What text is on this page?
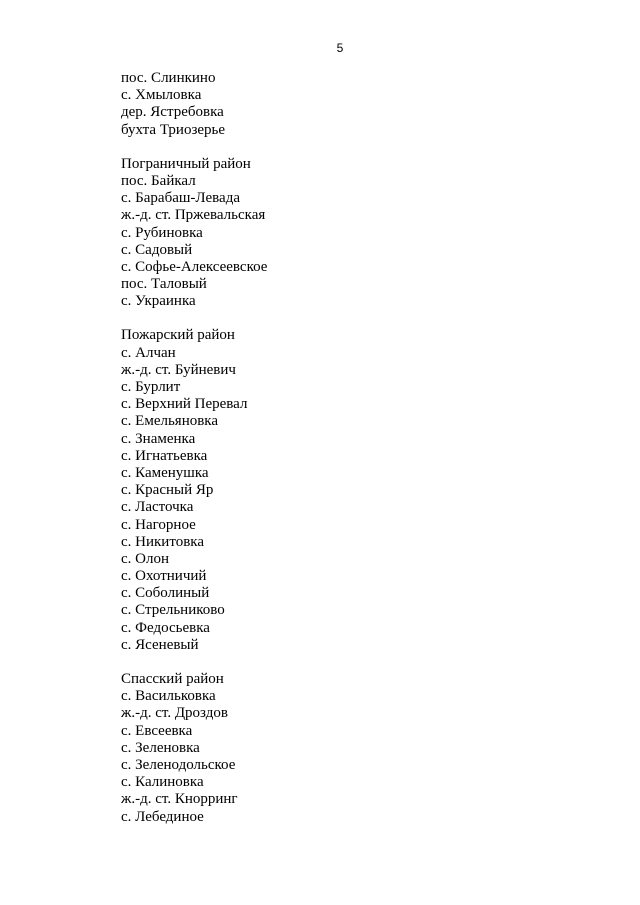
5
пос. Слинкино
с. Хмыловка
дер. Ястребовка
бухта Триозерье
Пограничный район
пос. Байкал
с. Барабаш-Левада
ж.-д. ст. Пржевальская
с. Рубиновка
с. Садовый
с. Софье-Алексеевское
пос. Таловый
с. Украинка
Пожарский район
с. Алчан
ж.-д. ст. Буйневич
с. Бурлит
с. Верхний Перевал
с. Емельяновка
с. Знаменка
с. Игнатьевка
с. Каменушка
с. Красный Яр
с. Ласточка
с. Нагорное
с. Никитовка
с. Олон
с. Охотничий
с. Соболиный
с. Стрельниково
с. Федосьевка
с. Ясеневый
Спасский район
с. Васильковка
ж.-д. ст. Дроздов
с. Евсеевка
с. Зеленовка
с. Зеленодольское
с. Калиновка
ж.-д. ст. Кнорринг
с. Лебединое
